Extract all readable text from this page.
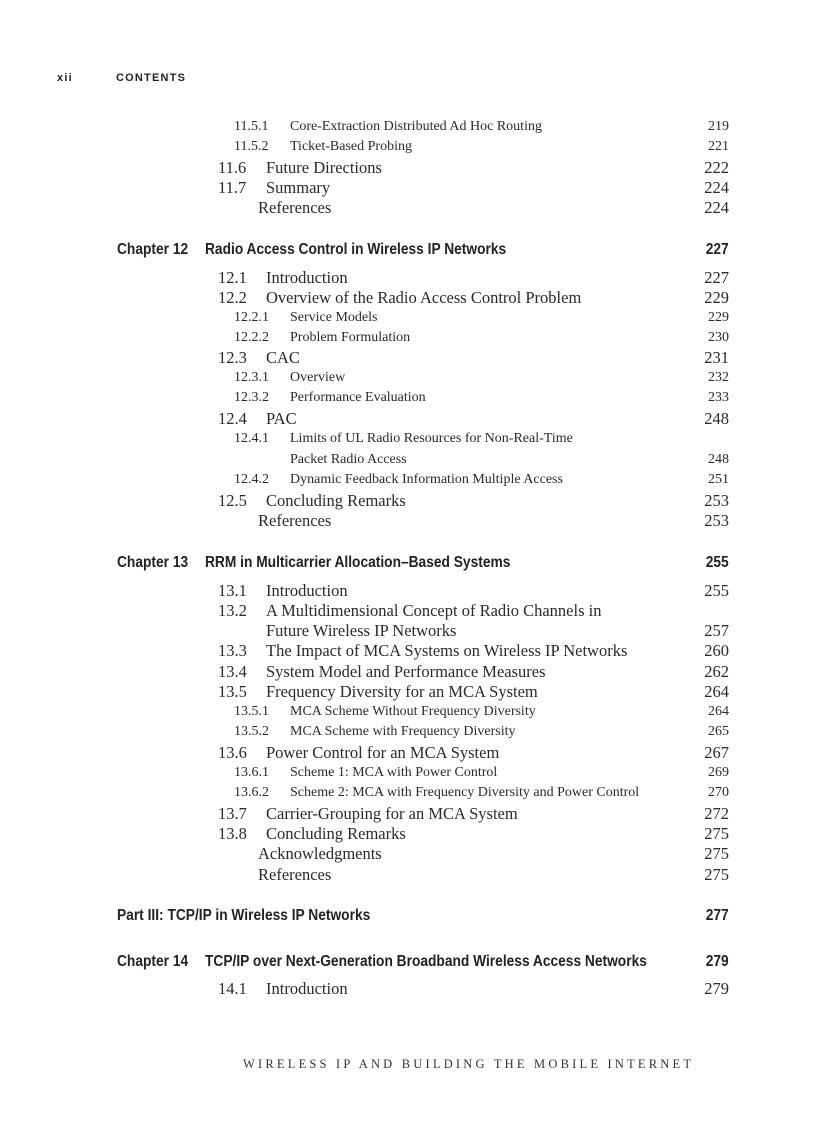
xii	CONTENTS
11.5.1 Core-Extraction Distributed Ad Hoc Routing	219
11.5.2 Ticket-Based Probing	221
11.6 Future Directions	222
11.7 Summary	224
References	224
Chapter 12 Radio Access Control in Wireless IP Networks	227
12.1 Introduction	227
12.2 Overview of the Radio Access Control Problem	229
12.2.1 Service Models	229
12.2.2 Problem Formulation	230
12.3 CAC	231
12.3.1 Overview	232
12.3.2 Performance Evaluation	233
12.4 PAC	248
12.4.1 Limits of UL Radio Resources for Non-Real-Time
Packet Radio Access	248
12.4.2 Dynamic Feedback Information Multiple Access	251
12.5 Concluding Remarks	253
References	253
Chapter 13 RRM in Multicarrier Allocation–Based Systems	255
13.1 Introduction	255
13.2 A Multidimensional Concept of Radio Channels in
Future Wireless IP Networks	257
13.3 The Impact of MCA Systems on Wireless IP Networks	260
13.4 System Model and Performance Measures	262
13.5 Frequency Diversity for an MCA System	264
13.5.1 MCA Scheme Without Frequency Diversity	264
13.5.2 MCA Scheme with Frequency Diversity	265
13.6 Power Control for an MCA System	267
13.6.1 Scheme 1: MCA with Power Control	269
13.6.2 Scheme 2: MCA with Frequency Diversity and Power Control	270
13.7 Carrier-Grouping for an MCA System	272
13.8 Concluding Remarks	275
Acknowledgments	275
References	275
Part III: TCP/IP in Wireless IP Networks	277
Chapter 14 TCP/IP over Next-Generation Broadband Wireless Access Networks	279
14.1 Introduction	279
WIRELESS IP AND BUILDING THE MOBILE INTERNET
